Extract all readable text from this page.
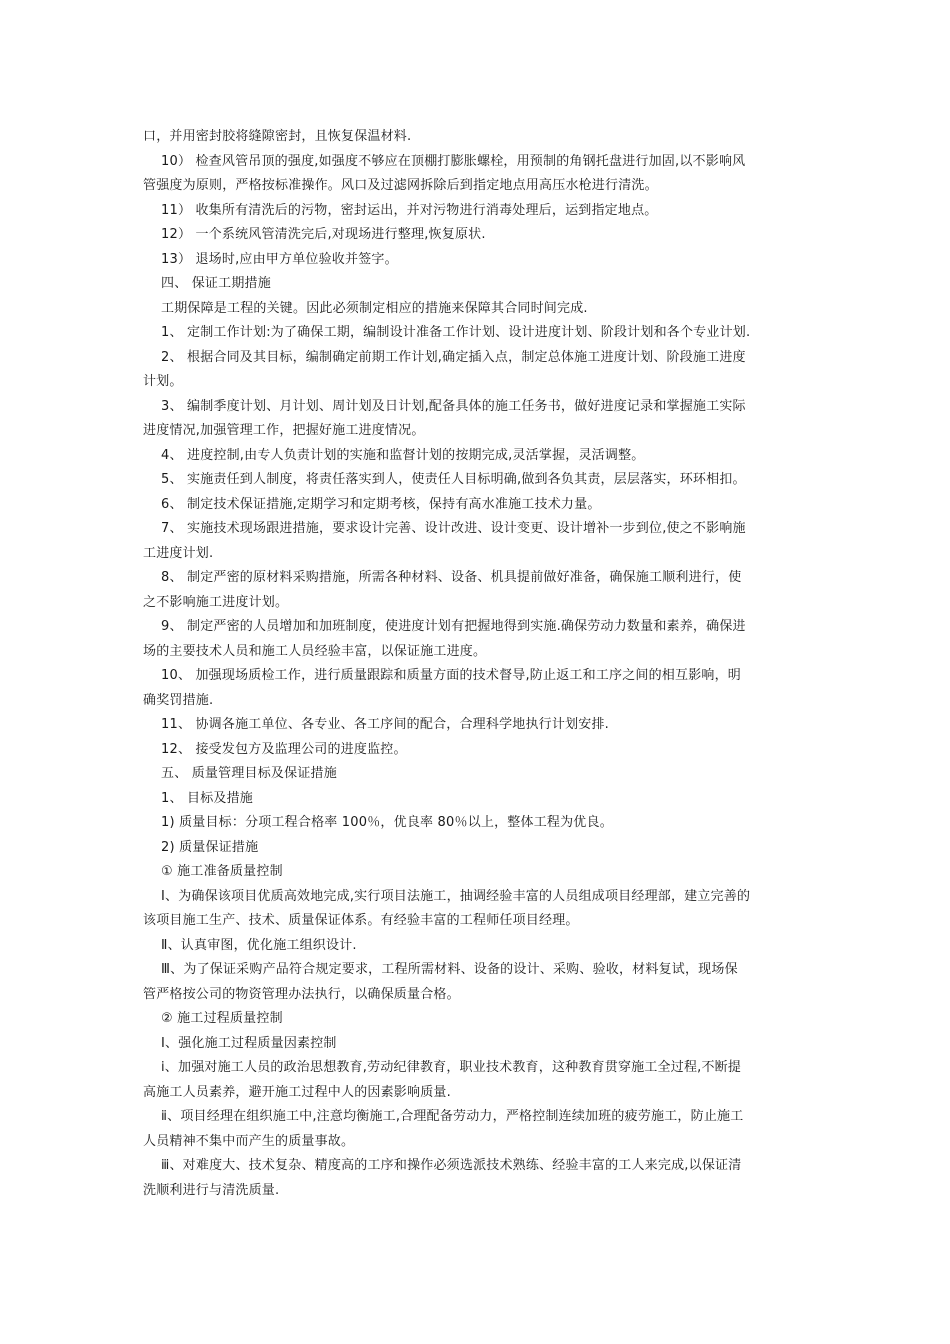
口，并用密封胶将缝隙密封，且恢复保温材料.

10） 检查风管吊顶的强度,如强度不够应在顶棚打膨胀螺栓，用预制的角钢托盘进行加固,以不影响风

管强度为原则，严格按标准操作。风口及过滤网拆除后到指定地点用高压水枪进行清洗。

11） 收集所有清洗后的污物，密封运出，并对污物进行消毒处理后，运到指定地点。

12） 一个系统风管清洗完后,对现场进行整理,恢复原状.

13） 退场时,应由甲方单位验收并签字。

四、 保证工期措施

工期保障是工程的关键。因此必须制定相应的措施来保障其合同时间完成.

1、 定制工作计划:为了确保工期，编制设计准备工作计划、设计进度计划、阶段计划和各个专业计划.

2、 根据合同及其目标，编制确定前期工作计划,确定插入点，制定总体施工进度计划、阶段施工进度

计划。

3、 编制季度计划、月计划、周计划及日计划,配备具体的施工任务书，做好进度记录和掌握施工实际

进度情况,加强管理工作，把握好施工进度情况。

4、 进度控制,由专人负责计划的实施和监督计划的按期完成,灵活掌握，灵活调整。

5、 实施责任到人制度，将责任落实到人，使责任人目标明确,做到各负其责，层层落实，环环相扣。

6、 制定技术保证措施,定期学习和定期考核，保持有高水准施工技术力量。

7、 实施技术现场跟进措施，要求设计完善、设计改进、设计变更、设计增补一步到位,使之不影响施

工进度计划.

8、 制定严密的原材料采购措施，所需各种材料、设备、机具提前做好准备，确保施工顺利进行，使

之不影响施工进度计划。

9、 制定严密的人员增加和加班制度，使进度计划有把握地得到实施.确保劳动力数量和素养，确保进

场的主要技术人员和施工人员经验丰富，以保证施工进度。

10、 加强现场质检工作，进行质量跟踪和质量方面的技术督导,防止返工和工序之间的相互影响，明

确奖罚措施.

11、 协调各施工单位、各专业、各工序间的配合，合理科学地执行计划安排.

12、 接受发包方及监理公司的进度监控。

五、 质量管理目标及保证措施

1、 目标及措施

1) 质量目标：分项工程合格率 100％，优良率 80％以上，整体工程为优良。

2) 质量保证措施

① 施工准备质量控制

Ⅰ、为确保该项目优质高效地完成,实行项目法施工，抽调经验丰富的人员组成项目经理部，建立完善的

该项目施工生产、技术、质量保证体系。有经验丰富的工程师任项目经理。

Ⅱ、认真审图，优化施工组织设计.

Ⅲ、为了保证采购产品符合规定要求，工程所需材料、设备的设计、采购、验收，材料复试，现场保

管严格按公司的物资管理办法执行，以确保质量合格。

② 施工过程质量控制

Ⅰ、强化施工过程质量因素控制

ⅰ、加强对施工人员的政治思想教育,劳动纪律教育，职业技术教育，这种教育贯穿施工全过程,不断提

高施工人员素养，避开施工过程中人的因素影响质量.

ⅱ、项目经理在组织施工中,注意均衡施工,合理配备劳动力，严格控制连续加班的疲劳施工，防止施工

人员精神不集中而产生的质量事故。

ⅲ、对难度大、技术复杂、精度高的工序和操作必须选派技术熟练、经验丰富的工人来完成,以保证清

洗顺利进行与清洗质量.
